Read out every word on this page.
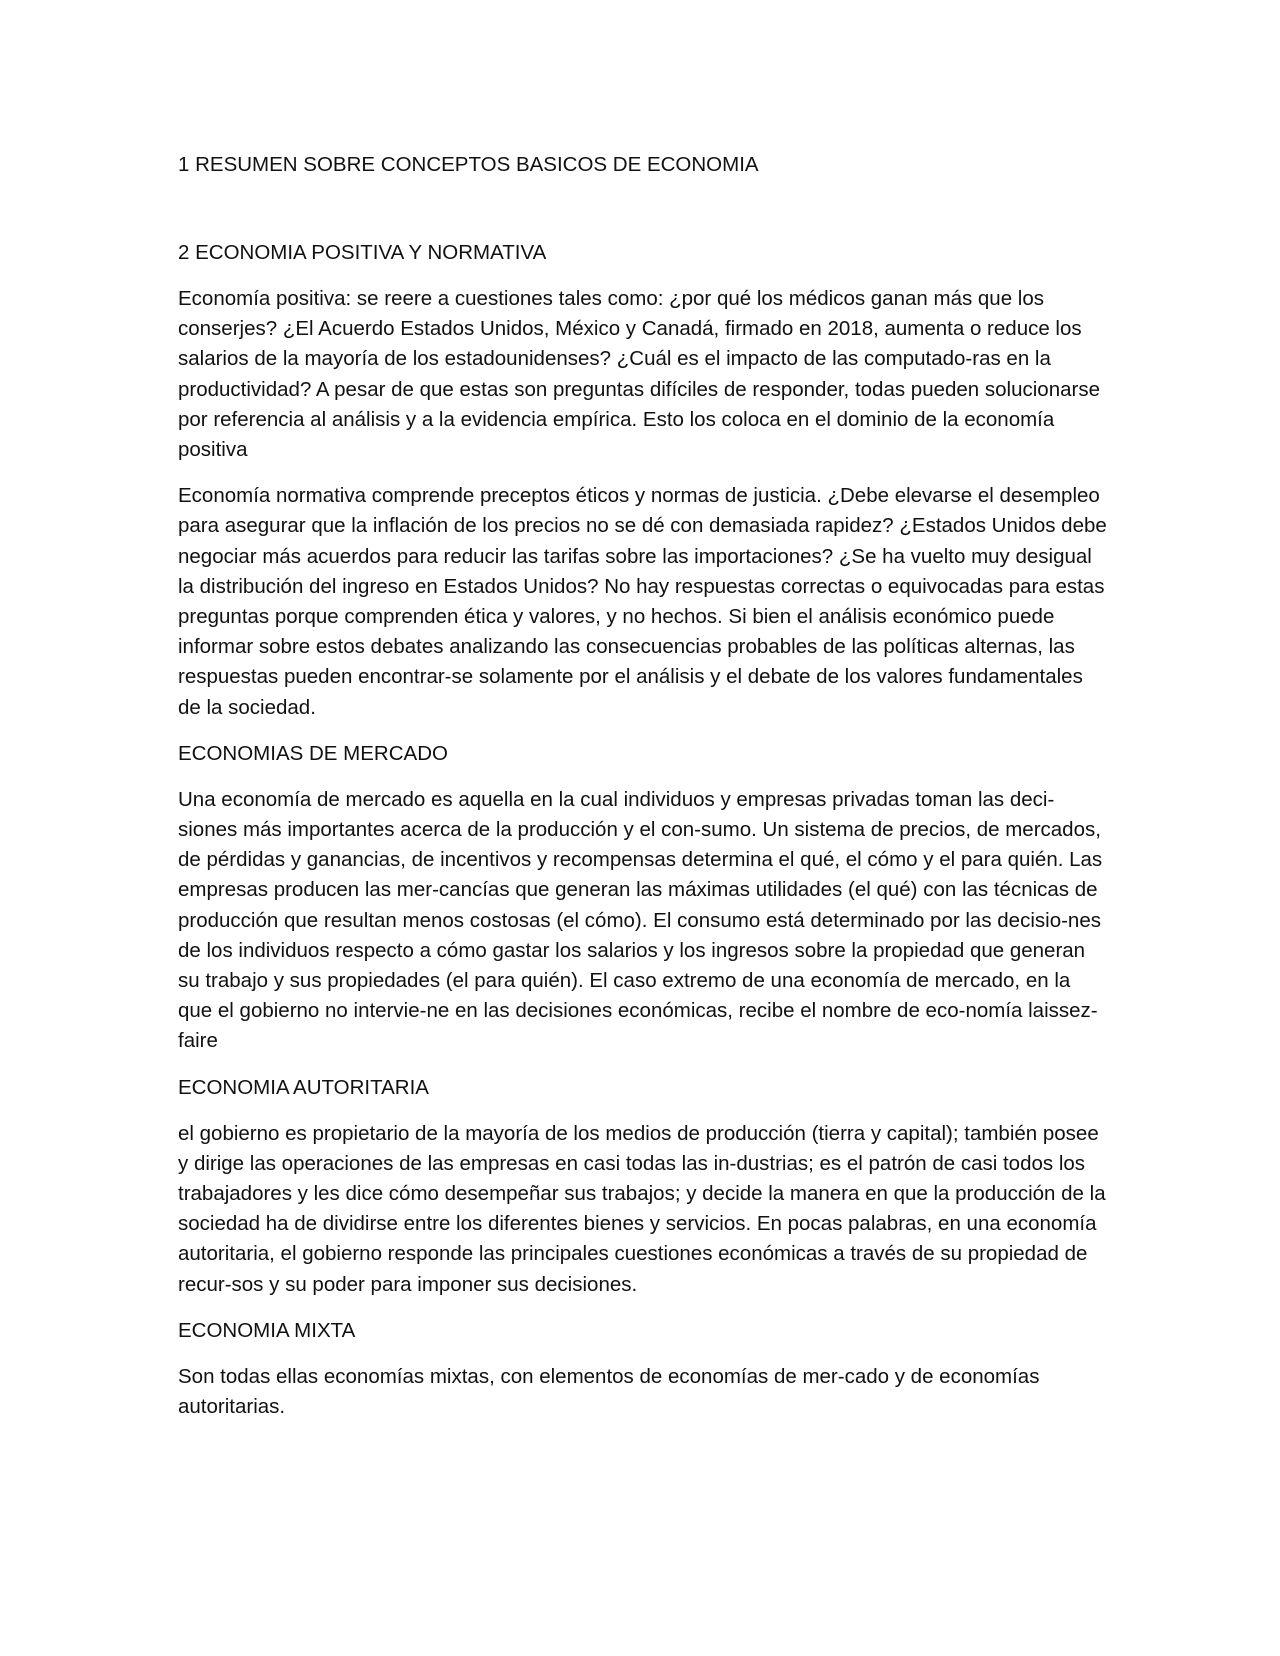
1 RESUMEN SOBRE CONCEPTOS BASICOS DE ECONOMIA

2 ECONOMIA POSITIVA Y NORMATIVA

Economía positiva: se reere a cuestiones tales como: ¿por qué los médicos ganan más que los conserjes? ¿El Acuerdo Estados Unidos, México y Canadá, firmado en 2018, aumenta o reduce los salarios de la mayoría de los estadounidenses? ¿Cuál es el impacto de las computado-ras en la productividad? A pesar de que estas son preguntas difíciles de responder, todas pueden solucionarse por referencia al análisis y a la evidencia empírica. Esto los coloca en el dominio de la economía positiva

Economía normativa comprende preceptos éticos y normas de justicia. ¿Debe elevarse el desempleo para asegurar que la inflación de los precios no se dé con demasiada rapidez? ¿Estados Unidos debe negociar más acuerdos para reducir las tarifas sobre las importaciones? ¿Se ha vuelto muy desigual la distribución del ingreso en Estados Unidos? No hay respuestas correctas o equivocadas para estas preguntas porque comprenden ética y valores, y no hechos. Si bien el análisis económico puede informar sobre estos debates analizando las consecuencias probables de las políticas alternas, las respuestas pueden encontrar-se solamente por el análisis y el debate de los valores fundamentales de la sociedad.

ECONOMIAS DE MERCADO

Una economía de mercado es aquella en la cual individuos y empresas privadas toman las deci-siones más importantes acerca de la producción y el con-sumo. Un sistema de precios, de mercados, de pérdidas y ganancias, de incentivos y recompensas determina el qué, el cómo y el para quién. Las empresas producen las mer-cancías que generan las máximas utilidades (el qué) con las técnicas de producción que resultan menos costosas (el cómo). El consumo está determinado por las decisio-nes de los individuos respecto a cómo gastar los salarios y los ingresos sobre la propiedad que generan su trabajo y sus propiedades (el para quién). El caso extremo de una economía de mercado, en la que el gobierno no intervie-ne en las decisiones económicas, recibe el nombre de eco-nomía laissez-faire

ECONOMIA AUTORITARIA

el gobierno es propietario de la mayoría de los medios de producción (tierra y capital); también posee y dirige las operaciones de las empresas en casi todas las in-dustrias; es el patrón de casi todos los trabajadores y les dice cómo desempeñar sus trabajos; y decide la manera en que la producción de la sociedad ha de dividirse entre los diferentes bienes y servicios. En pocas palabras, en una economía autoritaria, el gobierno responde las principales cuestiones económicas a través de su propiedad de recur-sos y su poder para imponer sus decisiones.

ECONOMIA MIXTA

Son todas ellas economías mixtas, con elementos de economías de mer-cado y de economías autoritarias.
